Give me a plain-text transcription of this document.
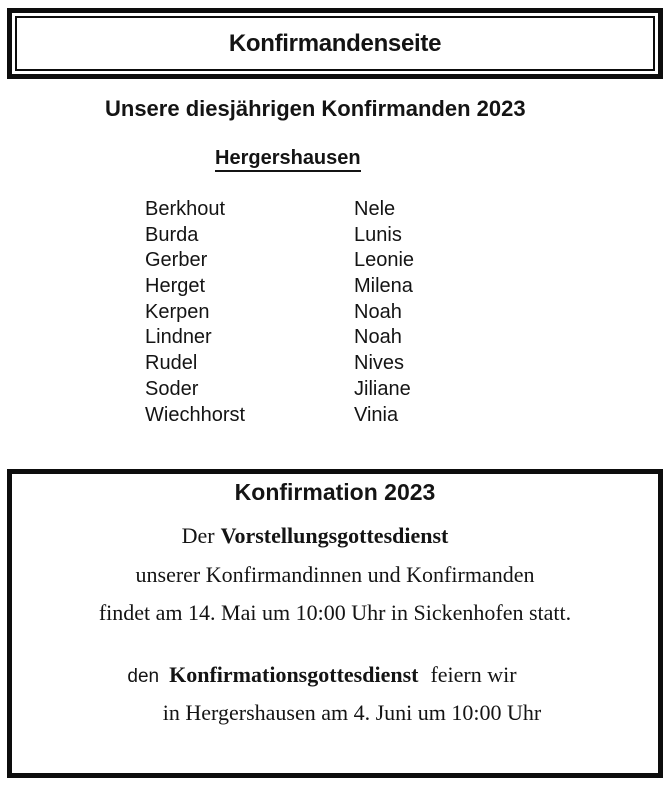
Konfirmandenseite
Unsere diesjährigen Konfirmanden 2023
Hergershausen
Berkhout	Nele
Burda	Lunis
Gerber	Leonie
Herget	Milena
Kerpen	Noah
Lindner	Noah
Rudel	Nives
Soder	Jiliane
Wiechhorst	Vinia
Konfirmation 2023
Der Vorstellungsgottesdienst
unserer Konfirmandinnen und Konfirmanden
findet am 14. Mai um 10:00 Uhr in Sickenhofen statt.
den Konfirmationsgottesdienst feiern wir
in Hergershausen am 4. Juni um 10:00 Uhr
